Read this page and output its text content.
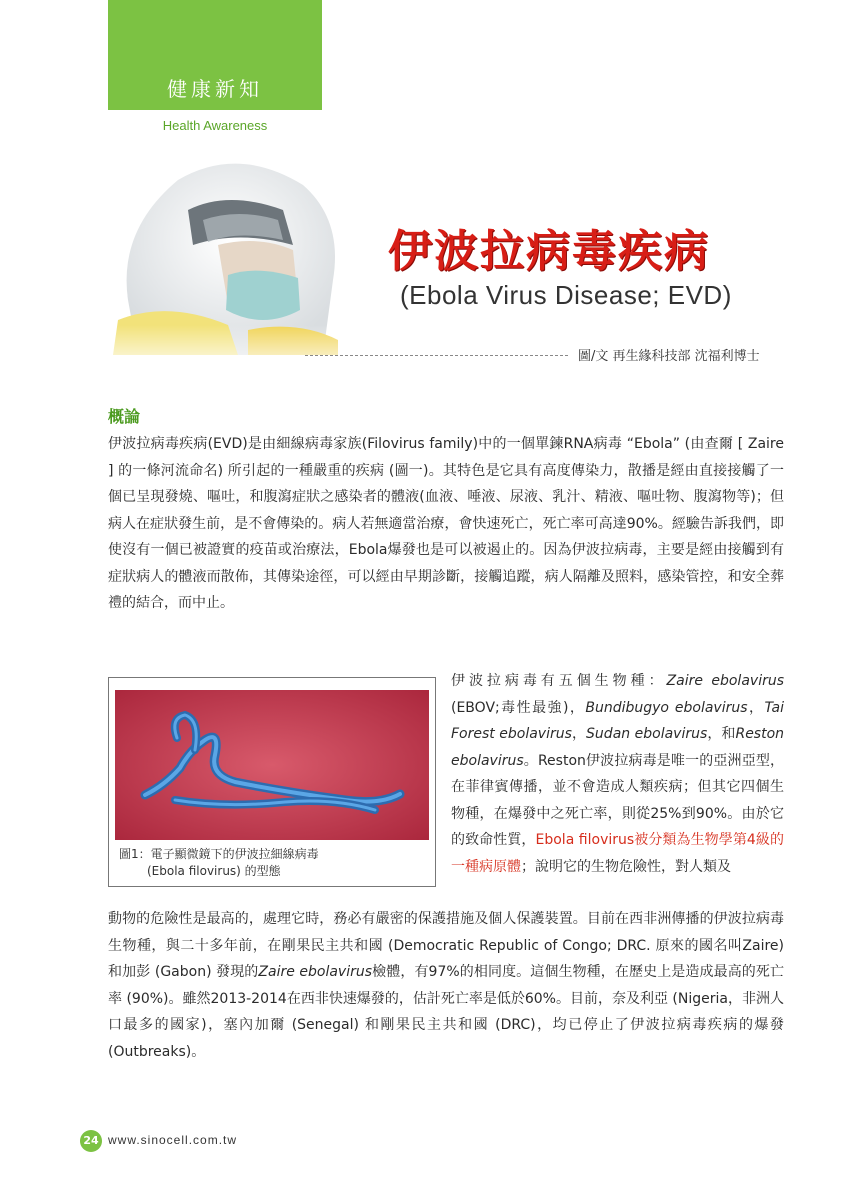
健康新知
Health Awareness
伊波拉病毒疾病
(Ebola Virus Disease; EVD)
圖/文 再生緣科技部 沈福利博士
概論

伊波拉病毒疾病(EVD)是由細線病毒家族(Filovirus family)中的一個單鍊RNA病毒 “Ebola” (由查爾 [ Zaire ] 的一條河流命名) 所引起的一種嚴重的疾病 (圖一)。其特色是它具有高度傳染力，散播是經由直接接觸了一個已呈現發燒、嘔吐，和腹瀉症狀之感染者的體液(血液、唾液、尿液、乳汁、精液、嘔吐物、腹瀉物等)；但病人在症狀發生前，是不會傳染的。病人若無適當治療，會快速死亡，死亡率可高達90%。經驗告訴我們，即使沒有一個已被證實的疫苗或治療法，Ebola爆發也是可以被遏止的。因為伊波拉病毒，主要是經由接觸到有症狀病人的體液而散佈，其傳染途徑，可以經由早期診斷，接觸追蹤，病人隔離及照料，感染管控，和安全葬禮的結合，而中止。

圖1：電子顯微鏡下的伊波拉細線病毒
(Ebola filovirus) 的型態

伊波拉病毒有五個生物種：Zaire ebolavirus (EBOV;毒性最強)，Bundibugyo ebolavirus，Tai Forest ebolavirus，Sudan ebolavirus，和Reston ebolavirus。Reston伊波拉病毒是唯一的亞洲亞型，在菲律賓傳播，並不會造成人類疾病；但其它四個生物種，在爆發中之死亡率，則從25%到90%。由於它的致命性質，Ebola filovirus被分類為生物學第4級的一種病原體；說明它的生物危險性，對人類及

動物的危險性是最高的，處理它時，務必有嚴密的保護措施及個人保護裝置。目前在西非洲傳播的伊波拉病毒生物種，與二十多年前，在剛果民主共和國 (Democratic Republic of Congo; DRC. 原來的國名叫Zaire) 和加彭 (Gabon) 發現的Zaire ebolavirus檢體，有97%的相同度。這個生物種，在歷史上是造成最高的死亡率 (90%)。雖然2013-2014在西非快速爆發的，估計死亡率是低於60%。目前，奈及利亞 (Nigeria，非洲人口最多的國家)，塞內加爾 (Senegal) 和剛果民主共和國 (DRC)，均已停止了伊波拉病毒疾病的爆發 (Outbreaks)。

24 www.sinocell.com.tw
